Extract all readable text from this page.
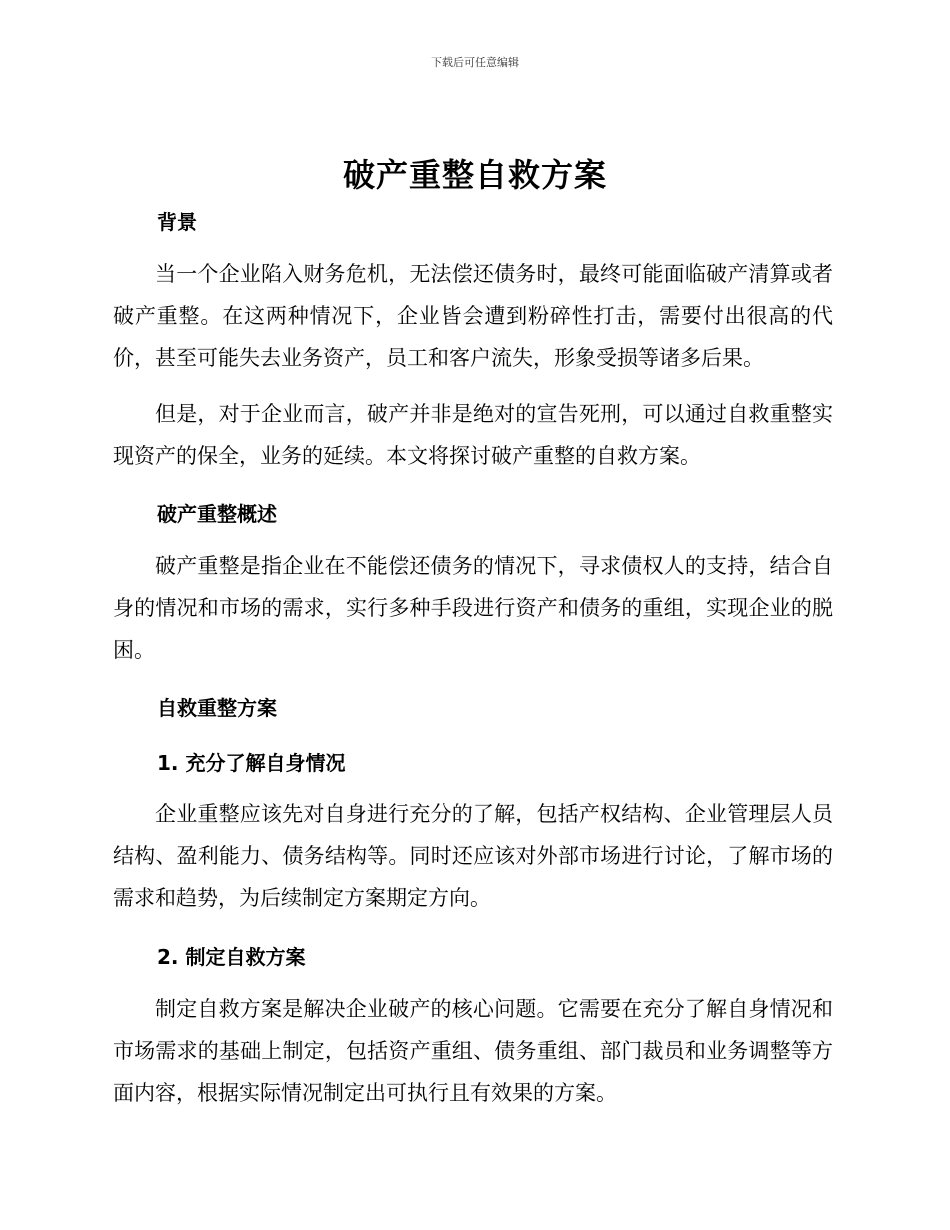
下载后可任意编辑
破产重整自救方案
背景

当一个企业陷入财务危机，无法偿还债务时，最终可能面临破产清算或者破产重整。在这两种情况下，企业皆会遭到粉碎性打击，需要付出很高的代价，甚至可能失去业务资产，员工和客户流失，形象受损等诸多后果。

但是，对于企业而言，破产并非是绝对的宣告死刑，可以通过自救重整实现资产的保全，业务的延续。本文将探讨破产重整的自救方案。

破产重整概述

破产重整是指企业在不能偿还债务的情况下，寻求债权人的支持，结合自身的情况和市场的需求，实行多种手段进行资产和债务的重组，实现企业的脱困。

自救重整方案
1. 充分了解自身情况

企业重整应该先对自身进行充分的了解，包括产权结构、企业管理层人员结构、盈利能力、债务结构等。同时还应该对外部市场进行讨论，了解市场的需求和趋势，为后续制定方案期定方向。

2. 制定自救方案

制定自救方案是解决企业破产的核心问题。它需要在充分了解自身情况和市场需求的基础上制定，包括资产重组、债务重组、部门裁员和业务调整等方面内容，根据实际情况制定出可执行且有效果的方案。
